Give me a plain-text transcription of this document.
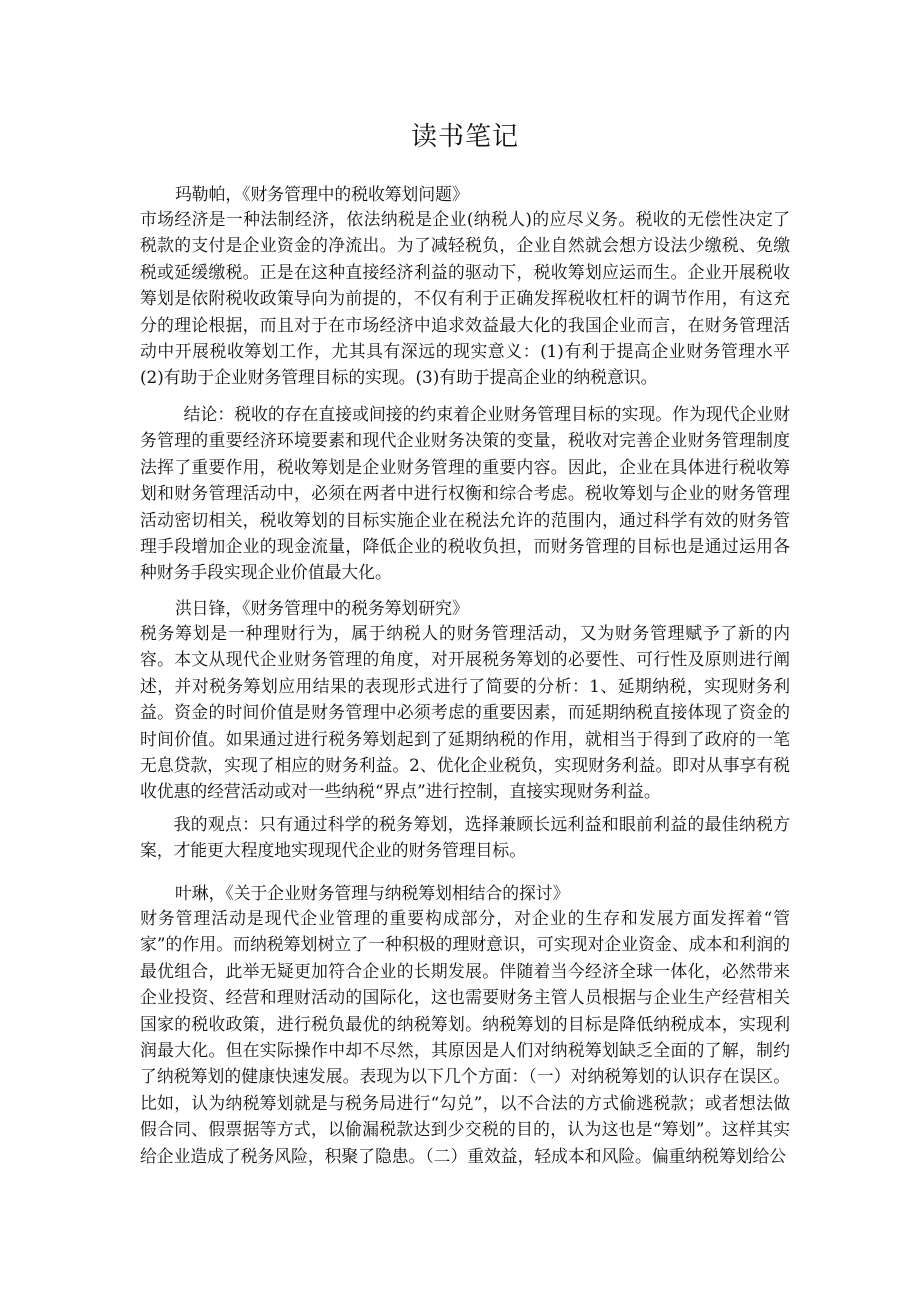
读书笔记

玛勒帕，《财务管理中的税收筹划问题》

市场经济是一种法制经济，依法纳税是企业(纳税人)的应尽义务。税收的无偿性决定了税款的支付是企业资金的净流出。为了减轻税负，企业自然就会想方设法少缴税、免缴税或延缓缴税。正是在这种直接经济利益的驱动下，税收筹划应运而生。企业开展税收筹划是依附税收政策导向为前提的，不仅有利于正确发挥税收杠杆的调节作用，有这充分的理论根据，而且对于在市场经济中追求效益最大化的我国企业而言，在财务管理活动中开展税收筹划工作，尤其具有深远的现实意义：(1)有利于提高企业财务管理水平(2)有助于企业财务管理目标的实现。(3)有助于提高企业的纳税意识。

结论：税收的存在直接或间接的约束着企业财务管理目标的实现。作为现代企业财务管理的重要经济环境要素和现代企业财务决策的变量，税收对完善企业财务管理制度法挥了重要作用，税收筹划是企业财务管理的重要内容。因此，企业在具体进行税收筹划和财务管理活动中，必须在两者中进行权衡和综合考虑。税收筹划与企业的财务管理活动密切相关，税收筹划的目标实施企业在税法允许的范围内，通过科学有效的财务管理手段增加企业的现金流量，降低企业的税收负担，而财务管理的目标也是通过运用各种财务手段实现企业价值最大化。

洪日锋，《财务管理中的税务筹划研究》

税务筹划是一种理财行为，属于纳税人的财务管理活动，又为财务管理赋予了新的内容。本文从现代企业财务管理的角度，对开展税务筹划的必要性、可行性及原则进行阐述，并对税务筹划应用结果的表现形式进行了简要的分析：1、延期纳税，实现财务利益。资金的时间价值是财务管理中必须考虑的重要因素，而延期纳税直接体现了资金的时间价值。如果通过进行税务筹划起到了延期纳税的作用，就相当于得到了政府的一笔无息贷款，实现了相应的财务利益。2、优化企业税负，实现财务利益。即对从事享有税收优惠的经营活动或对一些纳税“界点”进行控制，直接实现财务利益。

我的观点：只有通过科学的税务筹划，选择兼顾长远利益和眼前利益的最佳纳税方案，才能更大程度地实现现代企业的财务管理目标。

叶琳，《关于企业财务管理与纳税筹划相结合的探讨》

财务管理活动是现代企业管理的重要构成部分，对企业的生存和发展方面发挥着“管家”的作用。而纳税筹划树立了一种积极的理财意识，可实现对企业资金、成本和利润的最优组合，此举无疑更加符合企业的长期发展。伴随着当今经济全球一体化，必然带来企业投资、经营和理财活动的国际化，这也需要财务主管人员根据与企业生产经营相关国家的税收政策，进行税负最优的纳税筹划。纳税筹划的目标是降低纳税成本，实现利润最大化。但在实际操作中却不尽然，其原因是人们对纳税筹划缺乏全面的了解，制约了纳税筹划的健康快速发展。表现为以下几个方面：（一）对纳税筹划的认识存在误区。比如，认为纳税筹划就是与税务局进行“勾兑”，以不合法的方式偷逃税款；或者想法做假合同、假票据等方式，以偷漏税款达到少交税的目的，认为这也是“筹划”。这样其实给企业造成了税务风险，积聚了隐患。（二）重效益，轻成本和风险。偏重纳税筹划给公
